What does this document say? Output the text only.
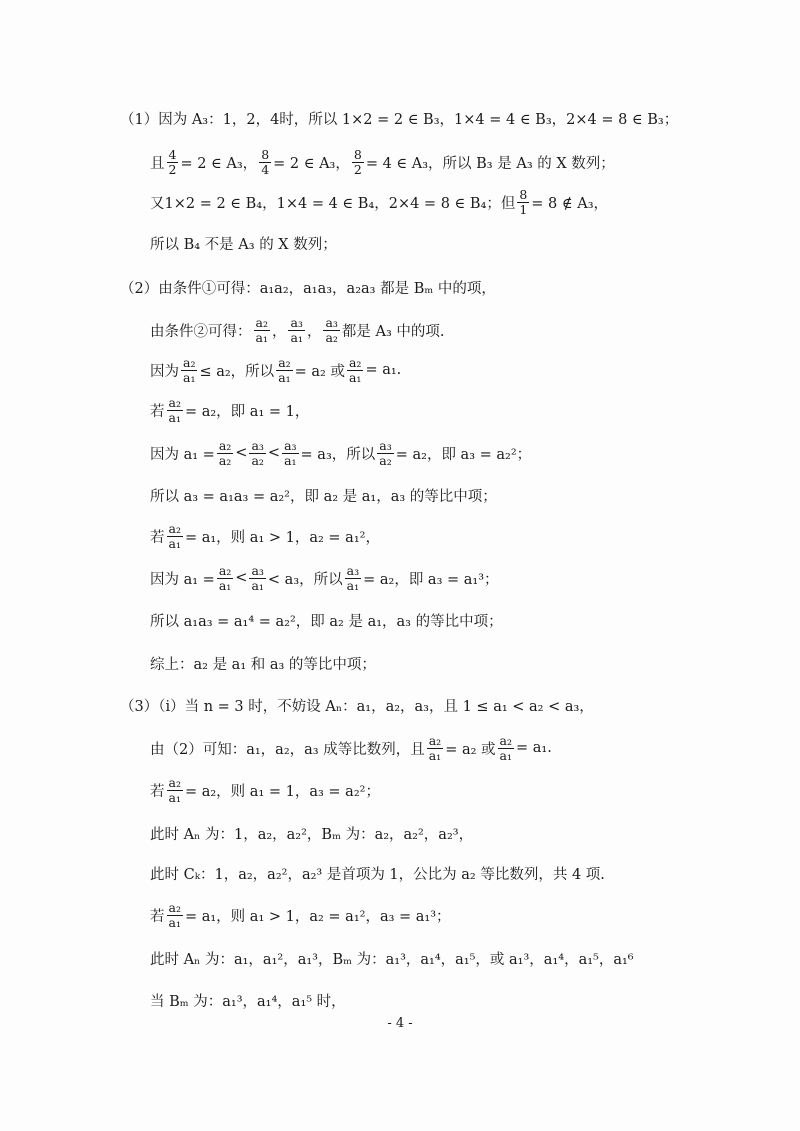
（1）因为 A₃：1，2，4时，所以 1×2 = 2 ∈ B₃，1×4 = 4 ∈ B₃，2×4 = 8 ∈ B₃；
且 $\frac{4}{2} = 2$ ∈ A₃， $\frac{8}{4} = 2$ ∈ A₃， $\frac{8}{2} = 4$ ∈ A₃，所以 B₃ 是 A₃ 的 X 数列；
又1×2 = 2 ∈ B₄，1×4 = 4 ∈ B₄，2×4 = 8 ∈ B₄；但 $\frac{8}{1} = 8$ ∉ A₃，
所以 B₄ 不是 A₃ 的 X 数列；
（2）由条件①可得：a₁a₂，a₁a₃，a₂a₃ 都是 Bₘ 中的项，
由条件②可得： $\frac{\text{a₂}}{\text{a₁}}$ ， $\frac{\text{a₃}}{\text{a₁}}$ ， $\frac{\text{a₃}}{\text{a₂}}$ 都是 A₃ 中的项.
因为 $\frac{\text{a₂}}{\text{a₁}} \le a_2$，所以 $\frac{\text{a₂}}{\text{a₁}} = a_2$ 或 $\frac{\text{a₂}}{\text{a₁}} = a_1$.
若 $\frac{\text{a₂}}{\text{a₁}} = a_2$，即 a₁ = 1，
因为 $a_1 = \frac{\text{a₂}}{\text{a₂}} < \frac{\text{a₃}}{\text{a₂}} < \frac{\text{a₃}}{\text{a₁}} = a_3$，所以 $\frac{\text{a₃}}{\text{a₂}} = a_2$，即 a₃ = a₂²；
所以 a₃ = a₁a₃ = a₂²，即 a₂ 是 a₁，a₃ 的等比中项；
若 $\frac{\text{a₂}}{\text{a₁}} = a_1$，则 a₁ > 1，a₂ = a₁²，
因为 $a_1 = \frac{\text{a₂}}{\text{a₁}} < \frac{\text{a₃}}{\text{a₁}} < a_3$，所以 $\frac{\text{a₃}}{\text{a₁}} = a_2$，即 a₃ = a₁³；
所以 a₁a₃ = a₁⁴ = a₂²，即 a₂ 是 a₁，a₃ 的等比中项；
综上：a₂ 是 a₁ 和 a₃ 的等比中项；
（3）（i）当 n = 3 时，不妨设 Aₙ：a₁，a₂，a₃，且 1 ≤ a₁ < a₂ < a₃，
由（2）可知：a₁，a₂，a₃ 成等比数列，且 $\frac{\text{a₂}}{\text{a₁}} = a_2$ 或 $\frac{\text{a₂}}{\text{a₁}} = a_1$.
若 $\frac{\text{a₂}}{\text{a₁}} = a_2$，则 a₁ = 1，a₃ = a₂²；
此时 Aₙ 为：1，a₂，a₂²，Bₘ 为：a₂，a₂²，a₂³，
此时 Cₖ：1，a₂，a₂²，a₂³ 是首项为 1，公比为 a₂ 等比数列，共 4 项.
若 $\frac{\text{a₂}}{\text{a₁}} = a_1$，则 a₁ > 1，a₂ = a₁²，a₃ = a₁³；
此时 Aₙ 为：a₁，a₁²，a₁³，Bₘ 为：a₁³，a₁⁴，a₁⁵，或 a₁³，a₁⁴，a₁⁵，a₁⁶
当 Bₘ 为：a₁³，a₁⁴，a₁⁵ 时，
- 4 -
